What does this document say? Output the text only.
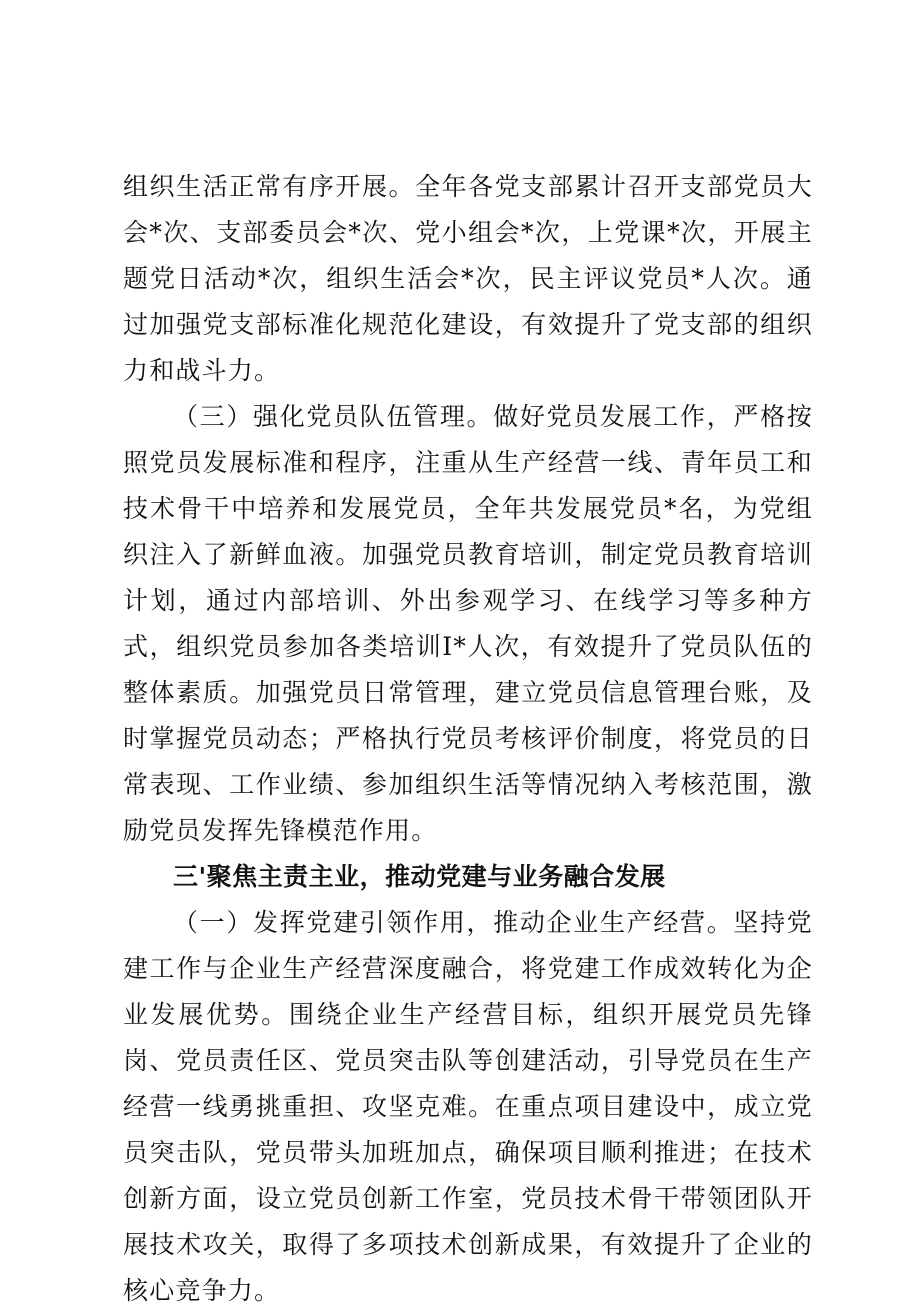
组织生活正常有序开展。全年各党支部累计召开支部党员大会*次、支部委员会*次、党小组会*次，上党课*次，开展主题党日活动*次，组织生活会*次，民主评议党员*人次。通过加强党支部标准化规范化建设，有效提升了党支部的组织力和战斗力。

（三）强化党员队伍管理。做好党员发展工作，严格按照党员发展标准和程序，注重从生产经营一线、青年员工和技术骨干中培养和发展党员，全年共发展党员*名，为党组织注入了新鲜血液。加强党员教育培训，制定党员教育培训计划，通过内部培训、外出参观学习、在线学习等多种方式，组织党员参加各类培训I*人次，有效提升了党员队伍的整体素质。加强党员日常管理，建立党员信息管理台账，及时掌握党员动态；严格执行党员考核评价制度，将党员的日常表现、工作业绩、参加组织生活等情况纳入考核范围，激励党员发挥先锋模范作用。

三'聚焦主责主业，推动党建与业务融合发展

（一）发挥党建引领作用，推动企业生产经营。坚持党建工作与企业生产经营深度融合，将党建工作成效转化为企业发展优势。围绕企业生产经营目标，组织开展党员先锋岗、党员责任区、党员突击队等创建活动，引导党员在生产经营一线勇挑重担、攻坚克难。在重点项目建设中，成立党员突击队，党员带头加班加点，确保项目顺利推进；在技术创新方面，设立党员创新工作室，党员技术骨干带领团队开展技术攻关，取得了多项技术创新成果，有效提升了企业的核心竞争力。
